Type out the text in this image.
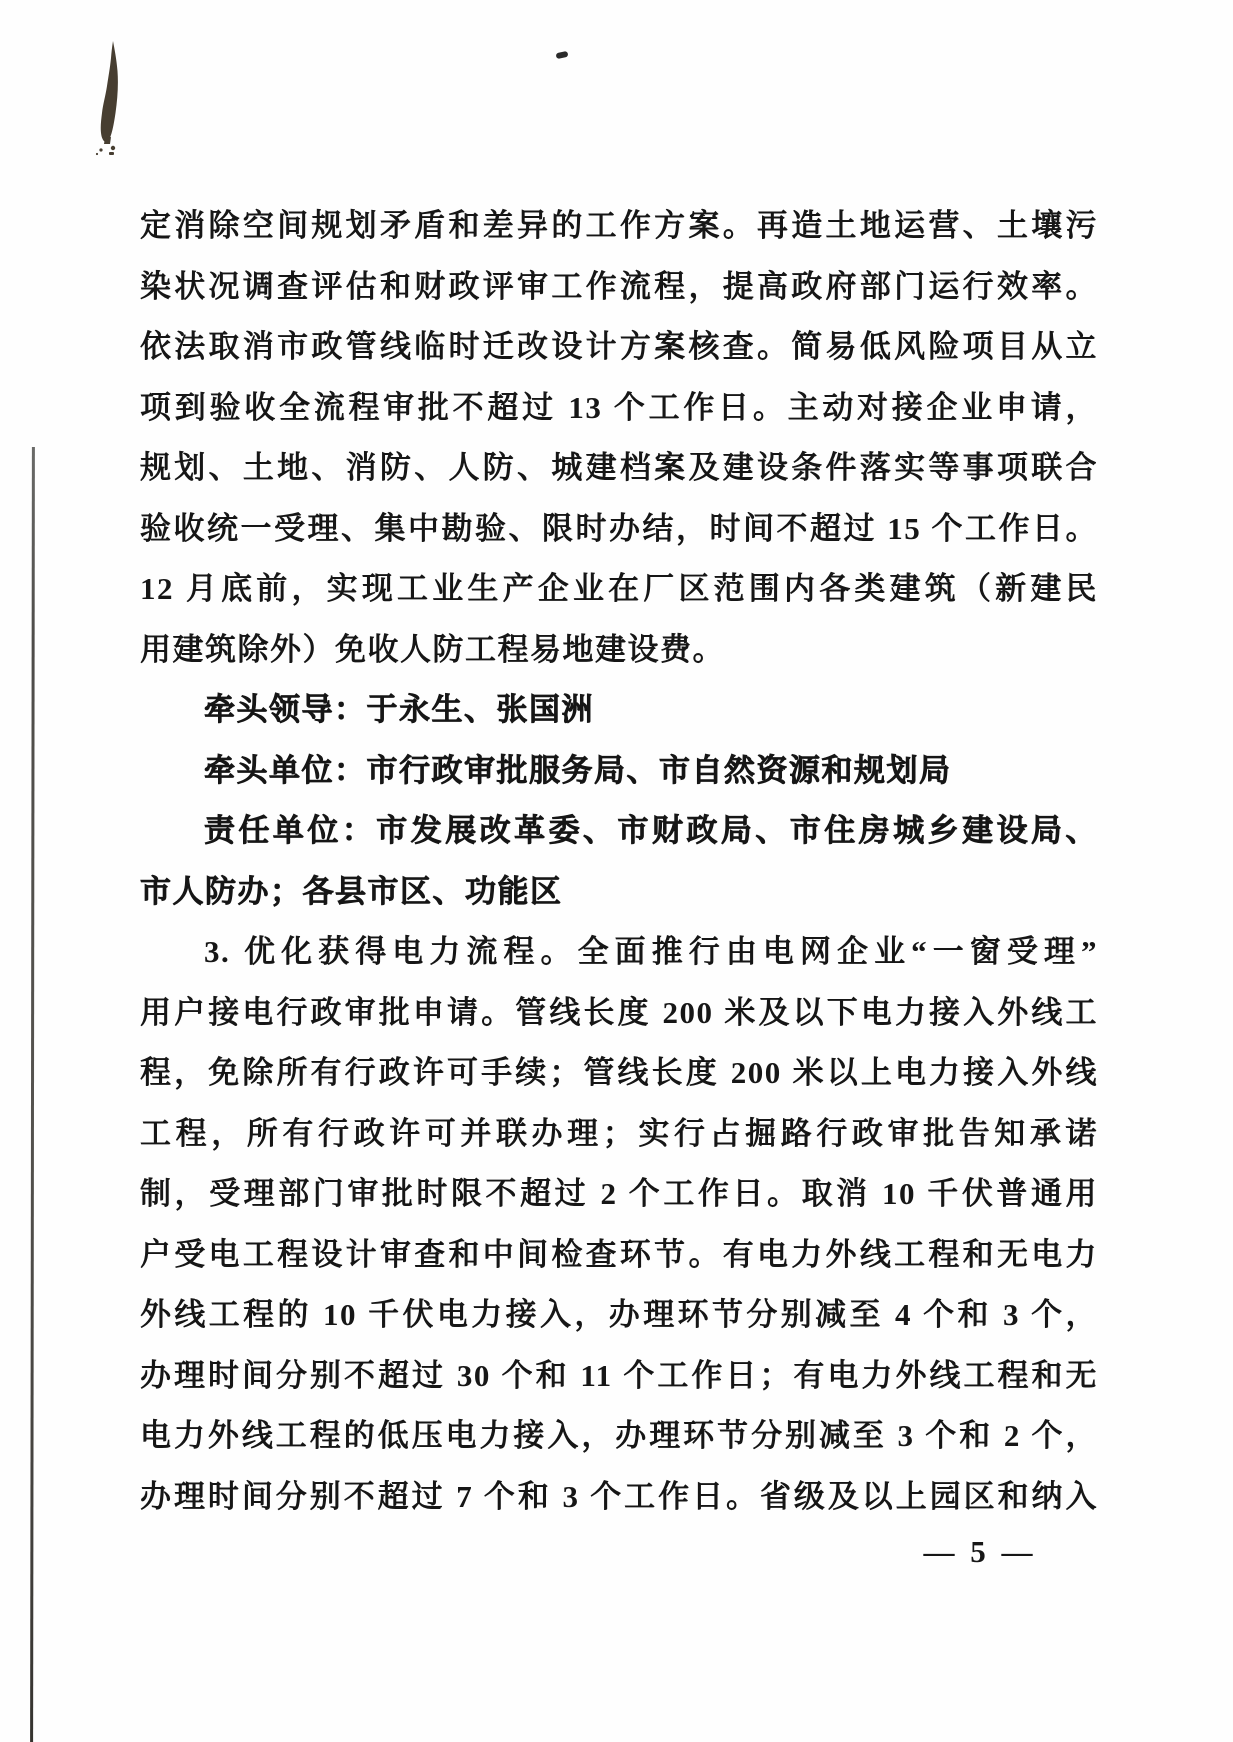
定消除空间规划矛盾和差异的工作方案。再造土地运营、土壤污
染状况调查评估和财政评审工作流程，提高政府部门运行效率。
依法取消市政管线临时迁改设计方案核查。简易低风险项目从立
项到验收全流程审批不超过 13 个工作日。主动对接企业申请，
规划、土地、消防、人防、城建档案及建设条件落实等事项联合
验收统一受理、集中勘验、限时办结，时间不超过 15 个工作日。
12 月底前，实现工业生产企业在厂区范围内各类建筑（新建民
用建筑除外）免收人防工程易地建设费。
牵头领导：于永生、张国洲
牵头单位：市行政审批服务局、市自然资源和规划局
责任单位：市发展改革委、市财政局、市住房城乡建设局、
市人防办；各县市区、功能区
3. 优化获得电力流程。全面推行由电网企业“一窗受理”
用户接电行政审批申请。管线长度 200 米及以下电力接入外线工
程，免除所有行政许可手续；管线长度 200 米以上电力接入外线
工程，所有行政许可并联办理；实行占掘路行政审批告知承诺
制，受理部门审批时限不超过 2 个工作日。取消 10 千伏普通用
户受电工程设计审查和中间检查环节。有电力外线工程和无电力
外线工程的 10 千伏电力接入，办理环节分别减至 4 个和 3 个，
办理时间分别不超过 30 个和 11 个工作日；有电力外线工程和无
电力外线工程的低压电力接入，办理环节分别减至 3 个和 2 个，
办理时间分别不超过 7 个和 3 个工作日。省级及以上园区和纳入
— 5 —
